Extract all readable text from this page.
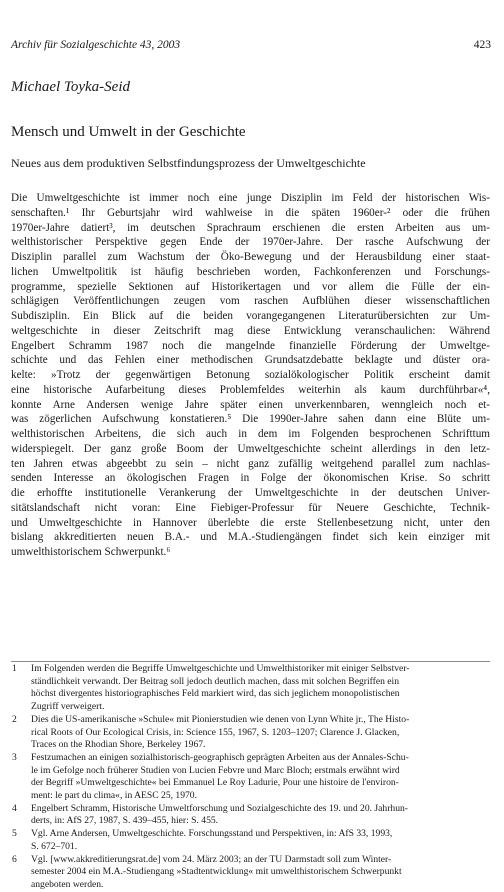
Archiv für Sozialgeschichte 43, 2003	423
Michael Toyka-Seid
Mensch und Umwelt in der Geschichte
Neues aus dem produktiven Selbstfindungsprozess der Umweltgeschichte
Die Umweltgeschichte ist immer noch eine junge Disziplin im Feld der historischen Wis-
senschaften.¹ Ihr Geburtsjahr wird wahlweise in die späten 1960er-² oder die frühen
1970er-Jahre datiert³, im deutschen Sprachraum erschienen die ersten Arbeiten aus um-
welthistorischer Perspektive gegen Ende der 1970er-Jahre. Der rasche Aufschwung der
Disziplin parallel zum Wachstum der Öko-Bewegung und der Herausbildung einer staat-
lichen Umweltpolitik ist häufig beschrieben worden, Fachkonferenzen und Forschungs-
programme, spezielle Sektionen auf Historikertagen und vor allem die Fülle der ein-
schlägigen Veröffentlichungen zeugen vom raschen Aufblühen dieser wissenschaftlichen
Subdisziplin. Ein Blick auf die beiden vorangegangenen Literaturübersichten zur Um-
weltgeschichte in dieser Zeitschrift mag diese Entwicklung veranschaulichen: Während
Engelbert Schramm 1987 noch die mangelnde finanzielle Förderung der Umweltge-
schichte und das Fehlen einer methodischen Grundsatzdebatte beklagte und düster ora-
kelte: »Trotz der gegenwärtigen Betonung sozialökologischer Politik erscheint damit
eine historische Aufarbeitung dieses Problemfeldes weiterhin als kaum durchführbar«⁴,
konnte Arne Andersen wenige Jahre später einen unverkennbaren, wenngleich noch et-
was zögerlichen Aufschwung konstatieren.⁵ Die 1990er-Jahre sahen dann eine Blüte um-
welthistorischen Arbeitens, die sich auch in dem im Folgenden besprochenen Schrifttum
widerspiegelt. Der ganz große Boom der Umweltgeschichte scheint allerdings in den letz-
ten Jahren etwas abgeebbt zu sein – nicht ganz zufällig weitgehend parallel zum nachlas-
senden Interesse an ökologischen Fragen in Folge der ökonomischen Krise. So schritt
die erhoffte institutionelle Verankerung der Umweltgeschichte in der deutschen Univer-
sitätslandschaft nicht voran: Eine Fiebiger-Professur für Neuere Geschichte, Technik-
und Umweltgeschichte in Hannover überlebte die erste Stellenbesetzung nicht, unter den
bislang akkreditierten neuen B.A.- und M.A.-Studiengängen findet sich kein einziger mit
umwelthistorischem Schwerpunkt.⁶
1 Im Folgenden werden die Begriffe Umweltgeschichte und Umwelthistoriker mit einiger Selbstver-
ständlichkeit verwandt. Der Beitrag soll jedoch deutlich machen, dass mit solchen Begriffen ein
höchst divergentes historiographisches Feld markiert wird, das sich jeglichem monopolistischen
Zugriff verweigert.
2 Dies die US-amerikanische »Schule« mit Pionierstudien wie denen von Lynn White jr., The Histo-
rical Roots of Our Ecological Crisis, in: Science 155, 1967, S. 1203–1207; Clarence J. Glacken,
Traces on the Rhodian Shore, Berkeley 1967.
3 Festzumachen an einigen sozialhistorisch-geographisch geprägten Arbeiten aus der Annales-Schu-
le im Gefolge noch früherer Studien von Lucien Febvre und Marc Bloch; erstmals erwähnt wird
der Begriff »Umweltgeschichte« bei Emmanuel Le Roy Ladurie, Pour une histoire de l'environ-
ment: le part du clima«, in AESC 25, 1970.
4 Engelbert Schramm, Historische Umweltforschung und Sozialgeschichte des 19. und 20. Jahrhun-
derts, in: AfS 27, 1987, S. 439–455, hier: S. 455.
5 Vgl. Arne Andersen, Umweltgeschichte. Forschungsstand und Perspektiven, in: AfS 33, 1993,
S. 672–701.
6 Vgl. [www.akkreditierungsrat.de] vom 24. März 2003; an der TU Darmstadt soll zum Winter-
semester 2004 ein M.A.-Studiengang »Stadtentwicklung« mit umwelthistorischem Schwerpunkt
angeboten werden.
